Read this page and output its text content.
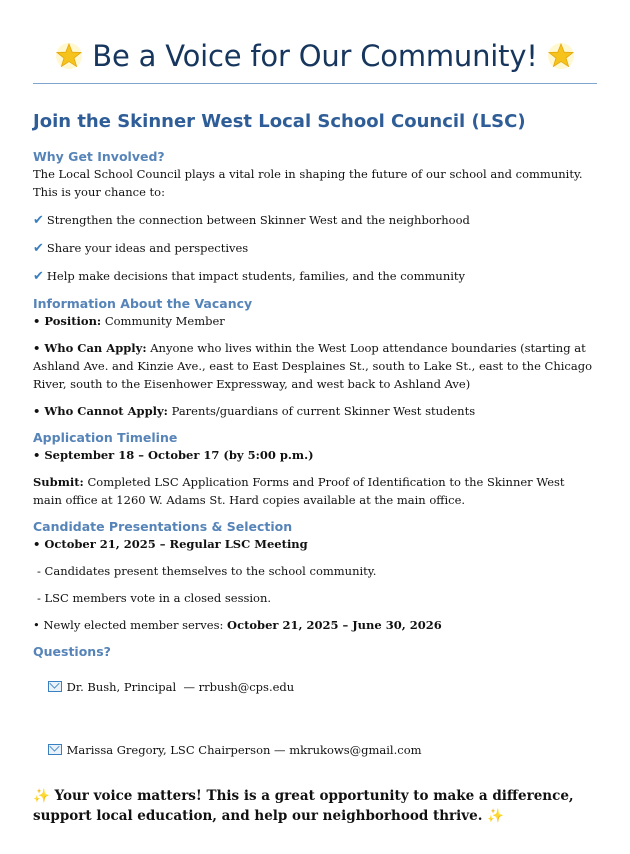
Be a Voice for Our Community!
Join the Skinner West Local School Council (LSC)
Why Get Involved?
The Local School Council plays a vital role in shaping the future of our school and community. This is your chance to:
✔ Strengthen the connection between Skinner West and the neighborhood
✔ Share your ideas and perspectives
✔ Help make decisions that impact students, families, and the community
Information About the Vacancy
• Position: Community Member
• Who Can Apply: Anyone who lives within the West Loop attendance boundaries (starting at Ashland Ave. and Kinzie Ave., east to East Desplaines St., south to Lake St., east to the Chicago River, south to the Eisenhower Expressway, and west back to Ashland Ave)
• Who Cannot Apply: Parents/guardians of current Skinner West students
Application Timeline
• September 18 – October 17 (by 5:00 p.m.)
Submit: Completed LSC Application Forms and Proof of Identification to the Skinner West main office at 1260 W. Adams St. Hard copies available at the main office.
Candidate Presentations & Selection
• October 21, 2025 – Regular LSC Meeting
- Candidates present themselves to the school community.
- LSC members vote in a closed session.
• Newly elected member serves: October 21, 2025 – June 30, 2026
Questions?

Dr. Bush, Principal  — rrbush@cps.edu

Marissa Gregory, LSC Chairperson — mkrukows@gmail.com

✨ Your voice matters! This is a great opportunity to make a difference, support local education, and help our neighborhood thrive. ✨
